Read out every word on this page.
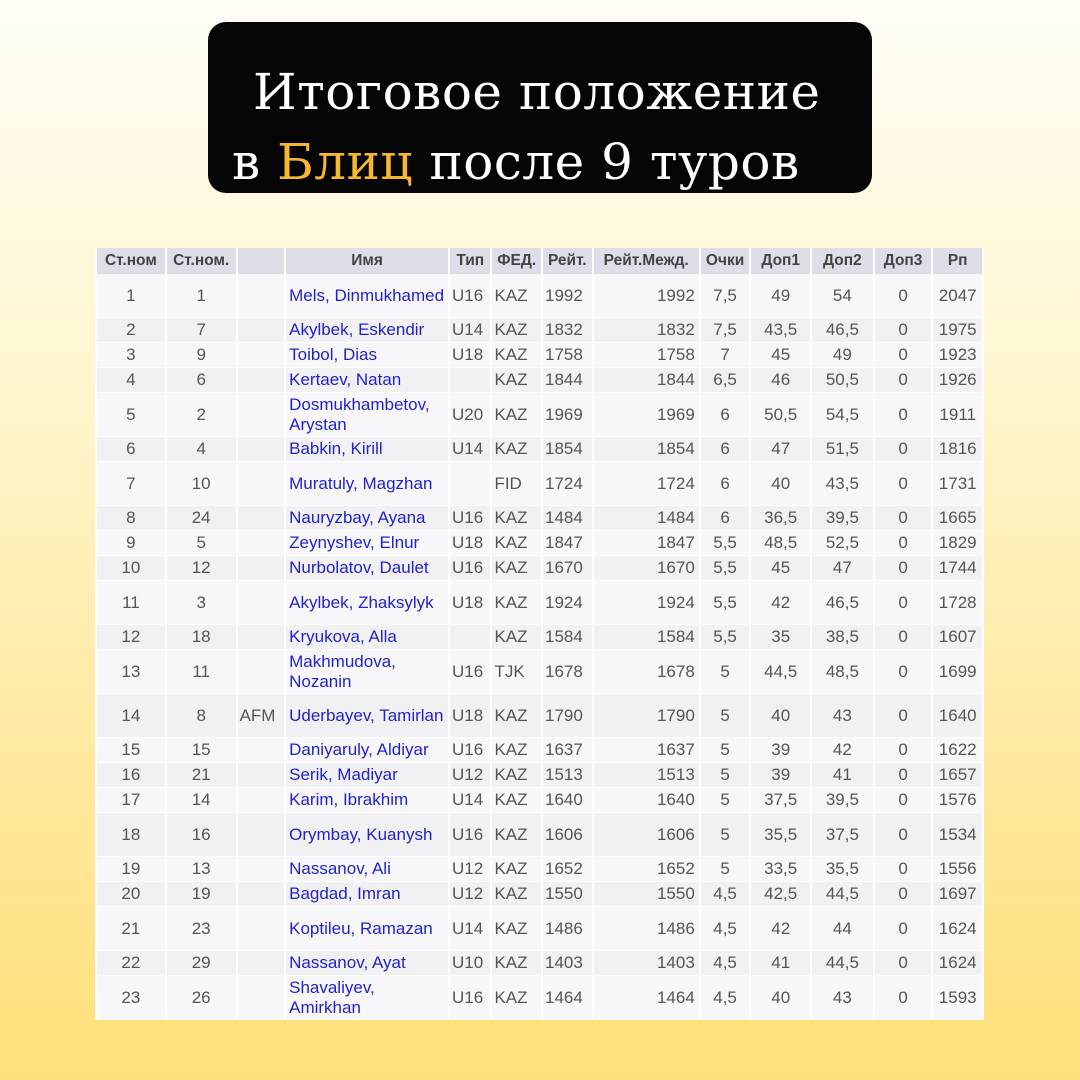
Итоговое положение
в Блиц после 9 туров
Ст.ном	Ст.ном.		Имя	Тип	ФЕД.	Рейт.	Рейт.Межд.	Очки	Доп1	Доп2	Доп3	Рп
1	1		Mels, Dinmukhamed	U16	KAZ	1992	1992	7,5	49	54	0	2047
2	7		Akylbek, Eskendir	U14	KAZ	1832	1832	7,5	43,5	46,5	0	1975
3	9		Toibol, Dias	U18	KAZ	1758	1758	7	45	49	0	1923
4	6		Kertaev, Natan		KAZ	1844	1844	6,5	46	50,5	0	1926
5	2		Dosmukhambetov, Arystan	U20	KAZ	1969	1969	6	50,5	54,5	0	1911
6	4		Babkin, Kirill	U14	KAZ	1854	1854	6	47	51,5	0	1816
7	10		Muratuly, Magzhan		FID	1724	1724	6	40	43,5	0	1731
8	24		Nauryzbay, Ayana	U16	KAZ	1484	1484	6	36,5	39,5	0	1665
9	5		Zeynyshev, Elnur	U18	KAZ	1847	1847	5,5	48,5	52,5	0	1829
10	12		Nurbolatov, Daulet	U16	KAZ	1670	1670	5,5	45	47	0	1744
11	3		Akylbek, Zhaksylyk	U18	KAZ	1924	1924	5,5	42	46,5	0	1728
12	18		Kryukova, Alla		KAZ	1584	1584	5,5	35	38,5	0	1607
13	11		Makhmudova, Nozanin	U16	TJK	1678	1678	5	44,5	48,5	0	1699
14	8	AFM	Uderbayev, Tamirlan	U18	KAZ	1790	1790	5	40	43	0	1640
15	15		Daniyaruly, Aldiyar	U16	KAZ	1637	1637	5	39	42	0	1622
16	21		Serik, Madiyar	U12	KAZ	1513	1513	5	39	41	0	1657
17	14		Karim, Ibrakhim	U14	KAZ	1640	1640	5	37,5	39,5	0	1576
18	16		Orymbay, Kuanysh	U16	KAZ	1606	1606	5	35,5	37,5	0	1534
19	13		Nassanov, Ali	U12	KAZ	1652	1652	5	33,5	35,5	0	1556
20	19		Bagdad, Imran	U12	KAZ	1550	1550	4,5	42,5	44,5	0	1697
21	23		Koptileu, Ramazan	U14	KAZ	1486	1486	4,5	42	44	0	1624
22	29		Nassanov, Ayat	U10	KAZ	1403	1403	4,5	41	44,5	0	1624
23	26		Shavaliyev, Amirkhan	U16	KAZ	1464	1464	4,5	40	43	0	1593
